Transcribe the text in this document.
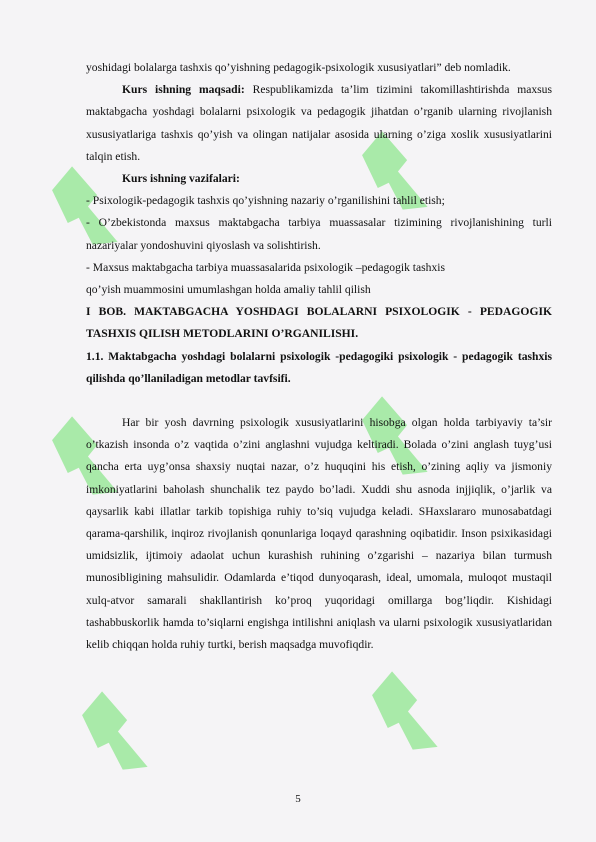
yoshidagi bolalarga tashxis qo’yishning pedagogik-psixologik xususiyatlari” deb nomladik.

Kurs ishning maqsadi: Respublikamizda ta’lim tizimini takomillashtirishda maxsus maktabgacha yoshdagi bolalarni psixologik va pedagogik jihatdan o’rganib ularning rivojlanish xususiyatlariga tashxis qo’yish va olingan natijalar asosida ularning o’ziga xoslik xususiyatlarini talqin etish.

Kurs ishning vazifalari:

- Psixologik-pedagogik tashxis qo’yishning nazariy o’rganilishini tahlil etish;

- O’zbekistonda maxsus maktabgacha tarbiya muassasalar tizimining rivojlanishining turli nazariyalar yondoshuvini qiyoslash va solishtirish.

- Maxsus maktabgacha tarbiya muassasalarida psixologik –pedagogik tashxis

qo’yish muammosini umumlashgan holda amaliy tahlil qilish

I BOB. MAKTABGACHA YOSHDAGI BOLALARNI PSIXOLOGIK - PEDAGOGIK TASHXIS QILISH METODLARINI O’RGANILISHI.

1.1. Maktabgacha yoshdagi bolalarni psixologik -pedagogiki psixologik - pedagogik tashxis qilishda qo’llaniladigan metodlar tavfsifi.

Har bir yosh davrning psixologik xususiyatlarini hisobga olgan holda tarbiyaviy ta’sir o’tkazish insonda o’z vaqtida o’zini anglashni vujudga keltiradi. Bolada o’zini anglash tuyg’usi qancha erta uyg’onsa shaxsiy nuqtai nazar, o’z huquqini his etish, o’zining aqliy va jismoniy imkoniyatlarini baholash shunchalik tez paydo bo’ladi. Xuddi shu asnoda injjiqlik, o’jarlik va qaysarlik kabi illatlar tarkib topishiga ruhiy to’siq vujudga keladi. SHaxslararo munosabatdagi qarama-qarshilik, inqiroz rivojlanish qonunlariga loqayd qarashning oqibatidir. Inson psixikasidagi umidsizlik, ijtimoiy adaolat uchun kurashish ruhining o’zgarishi – nazariya bilan turmush munosibligining mahsulidir. Odamlarda e’tiqod dunyoqarash, ideal, umomala, muloqot mustaqil xulq-atvor samarali shakllantirish ko’proq yuqoridagi omillarga bog’liqdir. Kishidagi tashabbuskorlik hamda to’siqlarni engishga intilishni aniqlash va ularni psixologik xususiyatlaridan kelib chiqqan holda ruhiy turtki, berish maqsadga muvofiqdir.

5
